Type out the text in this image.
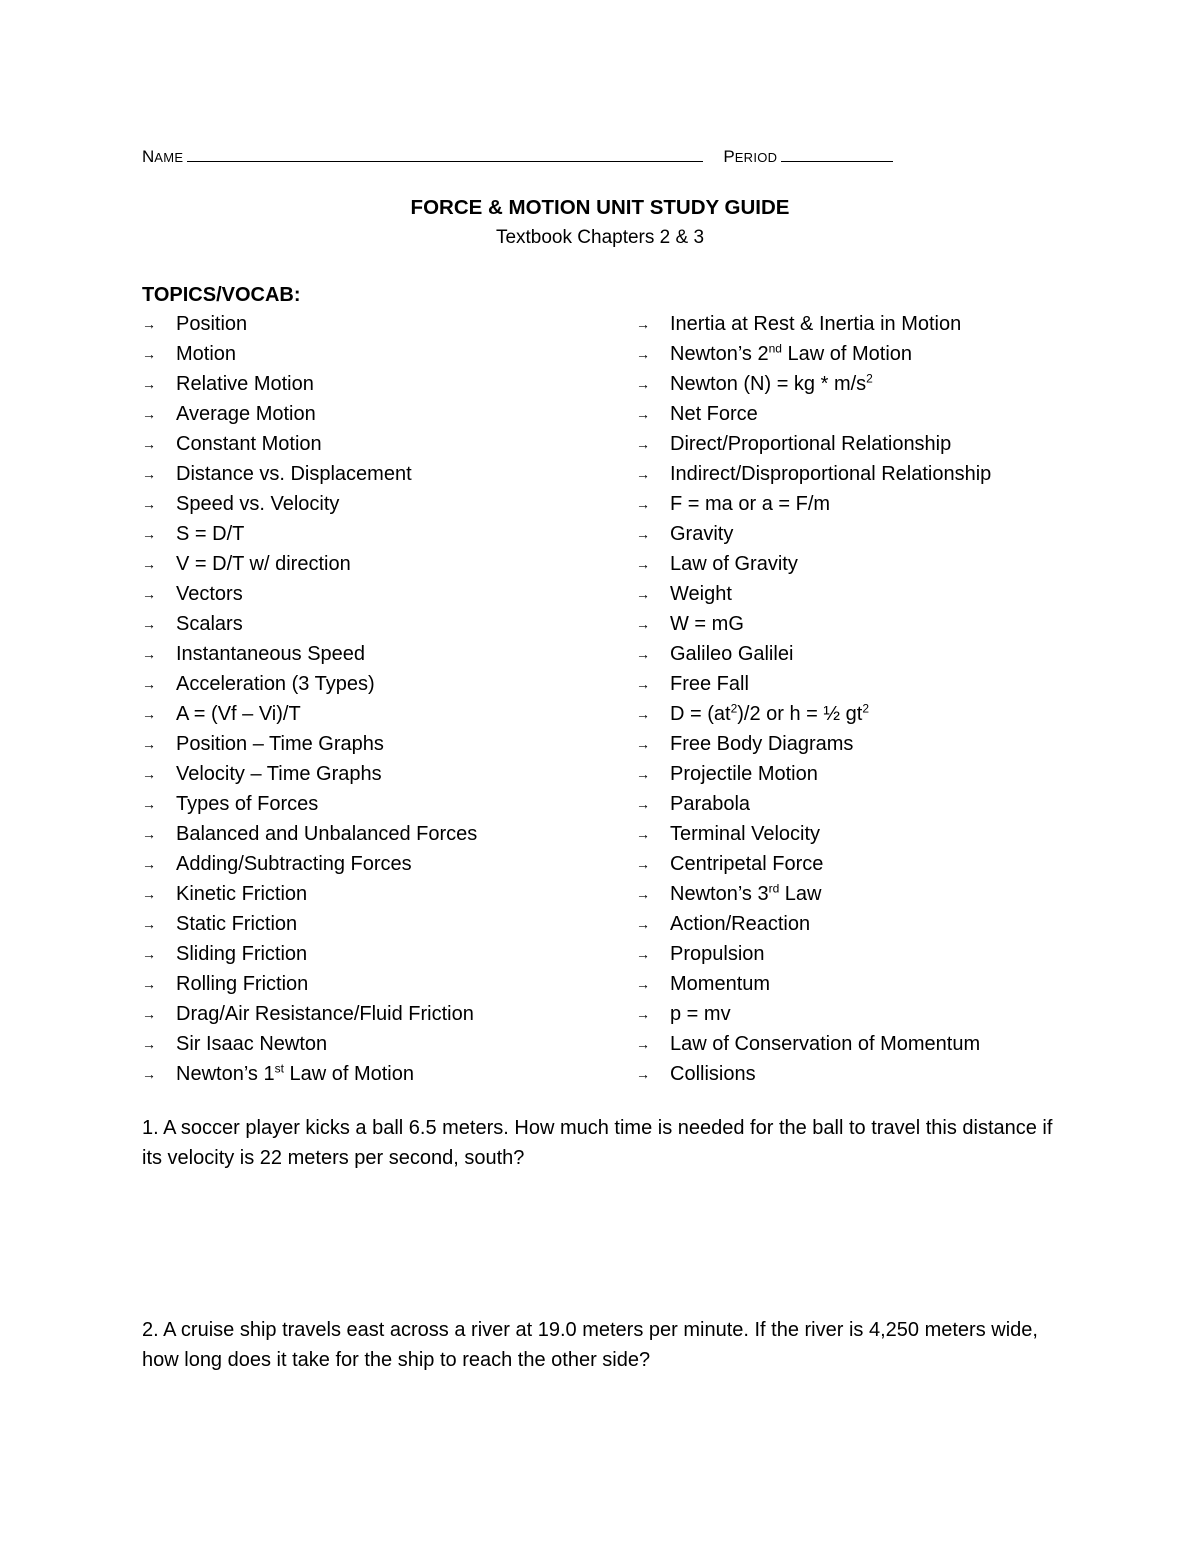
NAME	PERIOD
FORCE & MOTION UNIT STUDY GUIDE
Textbook Chapters 2 & 3
TOPICS/VOCAB:
→ Position
→ Motion
→ Relative Motion
→ Average Motion
→ Constant Motion
→ Distance vs. Displacement
→ Speed vs. Velocity
→ S = D/T
→ V = D/T w/ direction
→ Vectors
→ Scalars
→ Instantaneous Speed
→ Acceleration (3 Types)
→ A = (Vf – Vi)/T
→ Position – Time Graphs
→ Velocity – Time Graphs
→ Types of Forces
→ Balanced and Unbalanced Forces
→ Adding/Subtracting Forces
→ Kinetic Friction
→ Static Friction
→ Sliding Friction
→ Rolling Friction
→ Drag/Air Resistance/Fluid Friction
→ Sir Isaac Newton
→ Newton’s 1st Law of Motion
→ Inertia at Rest & Inertia in Motion
→ Newton’s 2nd Law of Motion
→ Newton (N) = kg * $m/s^2$
→ Net Force
→ Direct/Proportional Relationship
→ Indirect/Disproportional Relationship
→ F = ma or a = F/m
→ Gravity
→ Law of Gravity
→ Weight
→ W = mG
→ Galileo Galilei
→ Free Fall
→ $D = (at^2)/2$ or h = ½ $gt^2$
→ Free Body Diagrams
→ Projectile Motion
→ Parabola
→ Terminal Velocity
→ Centripetal Force
→ Newton’s 3rd Law
→ Action/Reaction
→ Propulsion
→ Momentum
→ p = mv
→ Law of Conservation of Momentum
→ Collisions

1. A soccer player kicks a ball 6.5 meters. How much time is needed for the ball to travel this distance if its velocity is 22 meters per second, south?

2. A cruise ship travels east across a river at 19.0 meters per minute. If the river is 4,250 meters wide, how long does it take for the ship to reach the other side?
